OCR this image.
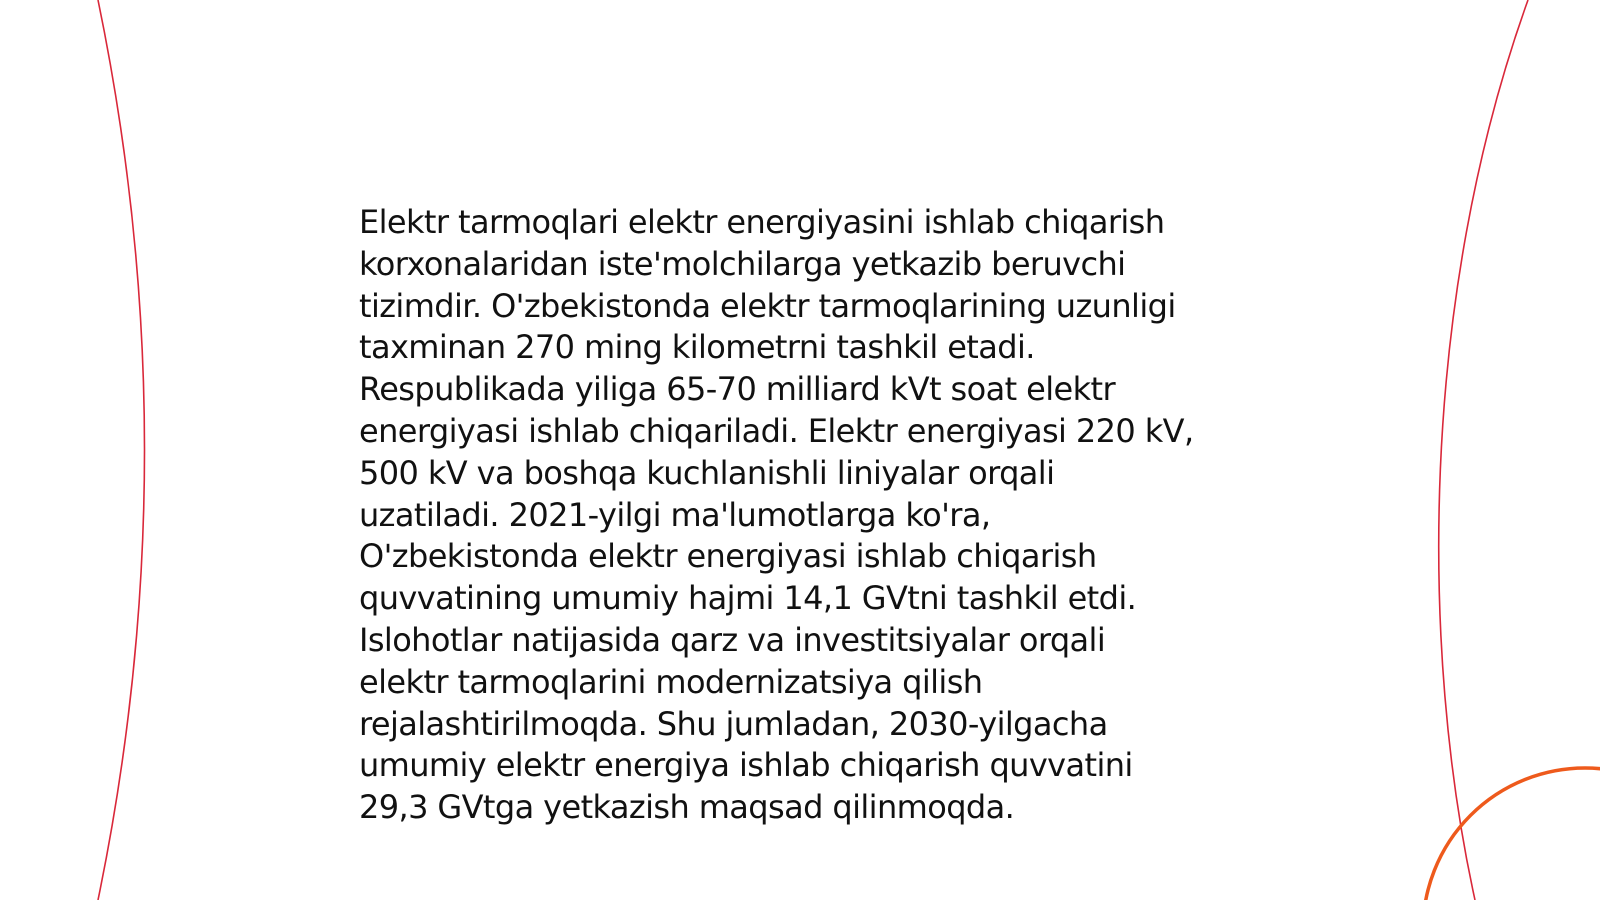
Elektr tarmoqlari elektr energiyasini ishlab chiqarish
korxonalaridan iste'molchilarga yetkazib beruvchi
tizimdir. O'zbekistonda elektr tarmoqlarining uzunligi
taxminan 270 ming kilometrni tashkil etadi.
Respublikada yiliga 65-70 milliard kVt soat elektr
energiyasi ishlab chiqariladi. Elektr energiyasi 220 kV,
500 kV va boshqa kuchlanishli liniyalar orqali
uzatiladi. 2021-yilgi ma'lumotlarga ko'ra,
O'zbekistonda elektr energiyasi ishlab chiqarish
quvvatining umumiy hajmi 14,1 GVtni tashkil etdi.
Islohotlar natijasida qarz va investitsiyalar orqali
elektr tarmoqlarini modernizatsiya qilish
rejalashtirilmoqda. Shu jumladan, 2030-yilgacha
umumiy elektr energiya ishlab chiqarish quvvatini
29,3 GVtga yetkazish maqsad qilinmoqda.
